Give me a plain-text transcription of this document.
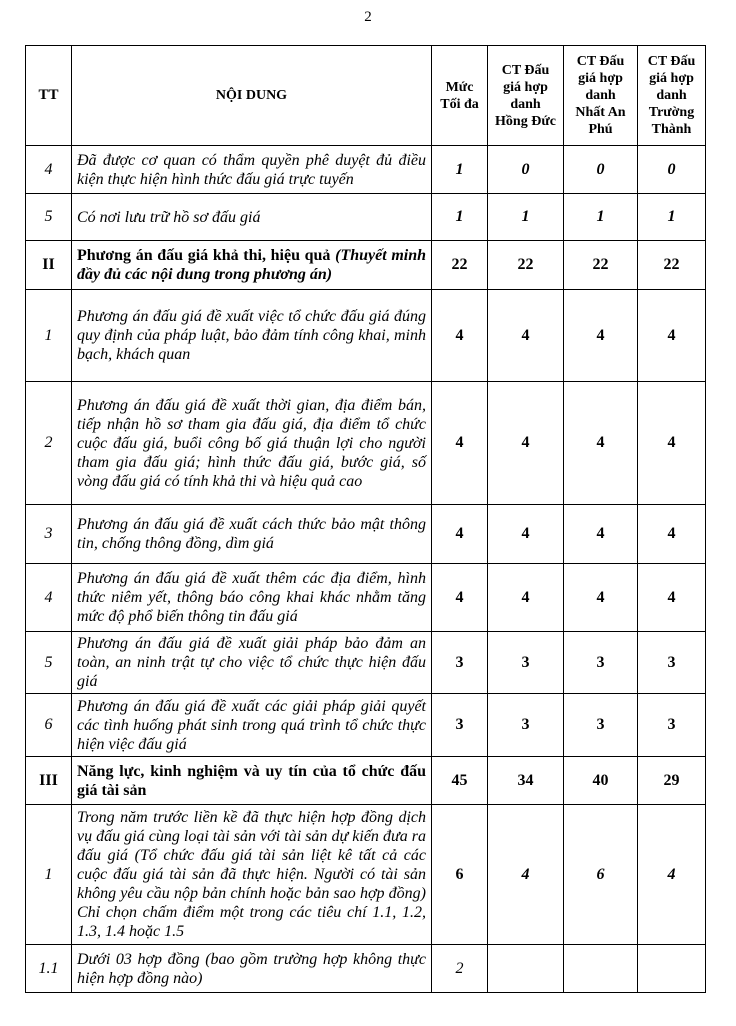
2
TT	NỘI DUNG	Mức Tối đa	CT Đấu giá hợp danh Hồng Đức	CT Đấu giá hợp danh Nhất An Phú	CT Đấu giá hợp danh Trường Thành
4	Đã được cơ quan có thẩm quyền phê duyệt đủ điều kiện thực hiện hình thức đấu giá trực tuyến	1	0	0	0
5	Có nơi lưu trữ hồ sơ đấu giá	1	1	1	1
II	Phương án đấu giá khả thi, hiệu quả (Thuyết minh đầy đủ các nội dung trong phương án)	22	22	22	22
1	Phương án đấu giá đề xuất việc tổ chức đấu giá đúng quy định của pháp luật, bảo đảm tính công khai, minh bạch, khách quan	4	4	4	4
2	Phương án đấu giá đề xuất thời gian, địa điểm bán, tiếp nhận hồ sơ tham gia đấu giá, địa điểm tổ chức cuộc đấu giá, buổi công bố giá thuận lợi cho người tham gia đấu giá; hình thức đấu giá, bước giá, số vòng đấu giá có tính khả thi và hiệu quả cao	4	4	4	4
3	Phương án đấu giá đề xuất cách thức bảo mật thông tin, chống thông đồng, dìm giá	4	4	4	4
4	Phương án đấu giá đề xuất thêm các địa điểm, hình thức niêm yết, thông báo công khai khác nhằm tăng mức độ phổ biến thông tin đấu giá	4	4	4	4
5	Phương án đấu giá đề xuất giải pháp bảo đảm an toàn, an ninh trật tự cho việc tổ chức thực hiện đấu giá	3	3	3	3
6	Phương án đấu giá đề xuất các giải pháp giải quyết các tình huống phát sinh trong quá trình tổ chức thực hiện việc đấu giá	3	3	3	3
III	Năng lực, kinh nghiệm và uy tín của tổ chức đấu giá tài sản	45	34	40	29
1	Trong năm trước liền kề đã thực hiện hợp đồng dịch vụ đấu giá cùng loại tài sản với tài sản dự kiến đưa ra đấu giá (Tổ chức đấu giá tài sản liệt kê tất cả các cuộc đấu giá tài sản đã thực hiện. Người có tài sản không yêu cầu nộp bản chính hoặc bản sao hợp đồng) Chỉ chọn chấm điểm một trong các tiêu chí 1.1, 1.2, 1.3, 1.4 hoặc 1.5	6	4	6	4
1.1	Dưới 03 hợp đồng (bao gồm trường hợp không thực hiện hợp đồng nào)	2			
